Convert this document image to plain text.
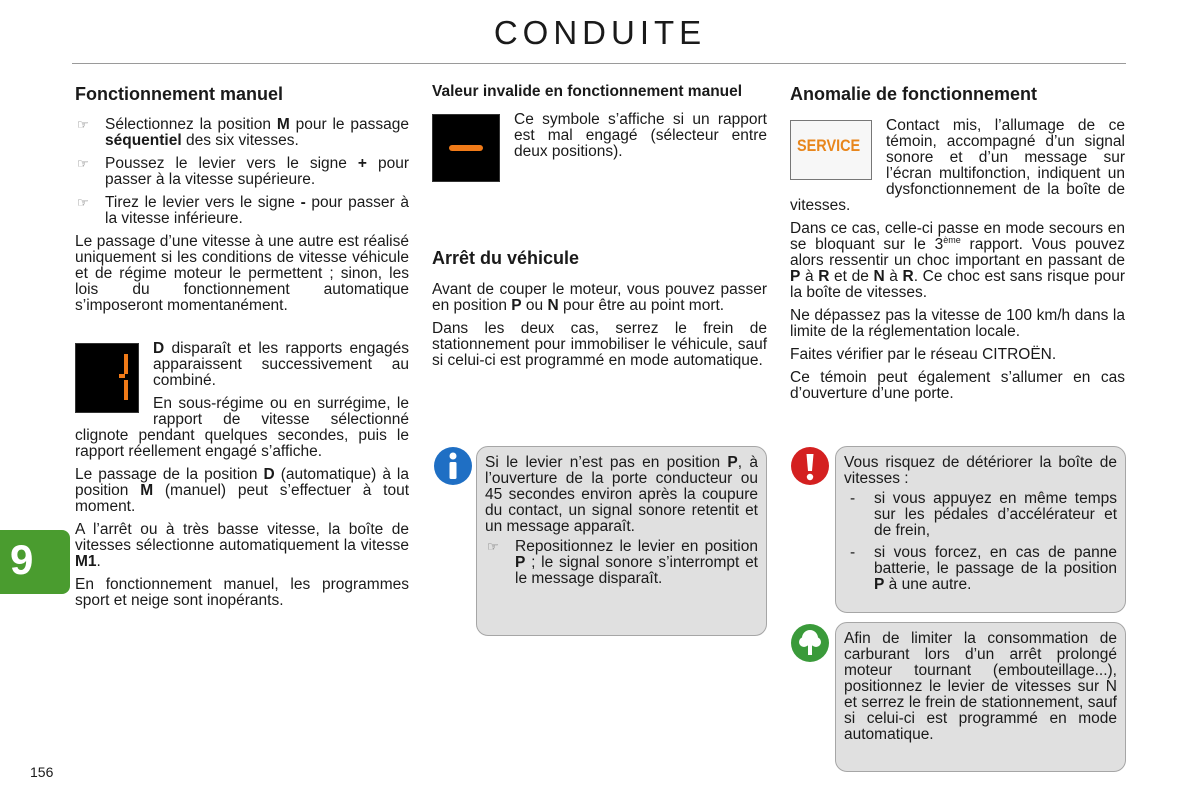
CONDUITE
9
156
Fonctionnement manuel
☞ Sélectionnez la position M pour le passage séquentiel des six vitesses.
☞ Poussez le levier vers le signe + pour passer à la vitesse supérieure.
☞ Tirez le levier vers le signe - pour passer à la vitesse inférieure.

Le passage d’une vitesse à une autre est réalisé uniquement si les conditions de vitesse véhicule et de régime moteur le permettent ; sinon, les lois du fonctionnement automatique s’imposeront momentanément.

D disparaît et les rapports engagés apparaissent successivement au combiné.

En sous-régime ou en surrégime, le rapport de vitesse sélectionné clignote pendant quelques secondes, puis le rapport réellement engagé s’affiche.

Le passage de la position D (automatique) à la position M (manuel) peut s’effectuer à tout moment.

A l’arrêt ou à très basse vitesse, la boîte de vitesses sélectionne automatiquement la vitesse M1.

En fonctionnement manuel, les programmes sport et neige sont inopérants.

Valeur invalide en fonctionnement manuel

Ce symbole s’affiche si un rapport est mal engagé (sélecteur entre deux positions).

Arrêt du véhicule

Avant de couper le moteur, vous pouvez passer en position P ou N pour être au point mort.

Dans les deux cas, serrez le frein de stationnement pour immobiliser le véhicule, sauf si celui-ci est programmé en mode automatique.

Si le levier n’est pas en position P, à l’ouverture de la porte conducteur ou 45 secondes environ après la coupure du contact, un signal sonore retentit et un message apparaît.

☞ Repositionnez le levier en position P ; le signal sonore s’interrompt et le message disparaît.
Anomalie de fonctionnement
SERVICE

Contact mis, l’allumage de ce témoin, accompagné d’un signal sonore et d’un message sur l’écran multifonction, indiquent un dysfonctionnement de la boîte de vitesses.

Dans ce cas, celle-ci passe en mode secours en se bloquant sur le 3ème rapport. Vous pouvez alors ressentir un choc important en passant de P à R et de N à R. Ce choc est sans risque pour la boîte de vitesses.

Ne dépassez pas la vitesse de 100 km/h dans la limite de la réglementation locale.

Faites vérifier par le réseau CITROËN.

Ce témoin peut également s’allumer en cas d’ouverture d’une porte.

Vous risquez de détériorer la boîte de vitesses :

- si vous appuyez en même temps sur les pédales d’accélérateur et de frein,
- si vous forcez, en cas de panne batterie, le passage de la position P à une autre.

Afin de limiter la consommation de carburant lors d’un arrêt prolongé moteur tournant (embouteillage...), positionnez le levier de vitesses sur N et serrez le frein de stationnement, sauf si celui-ci est programmé en mode automatique.
